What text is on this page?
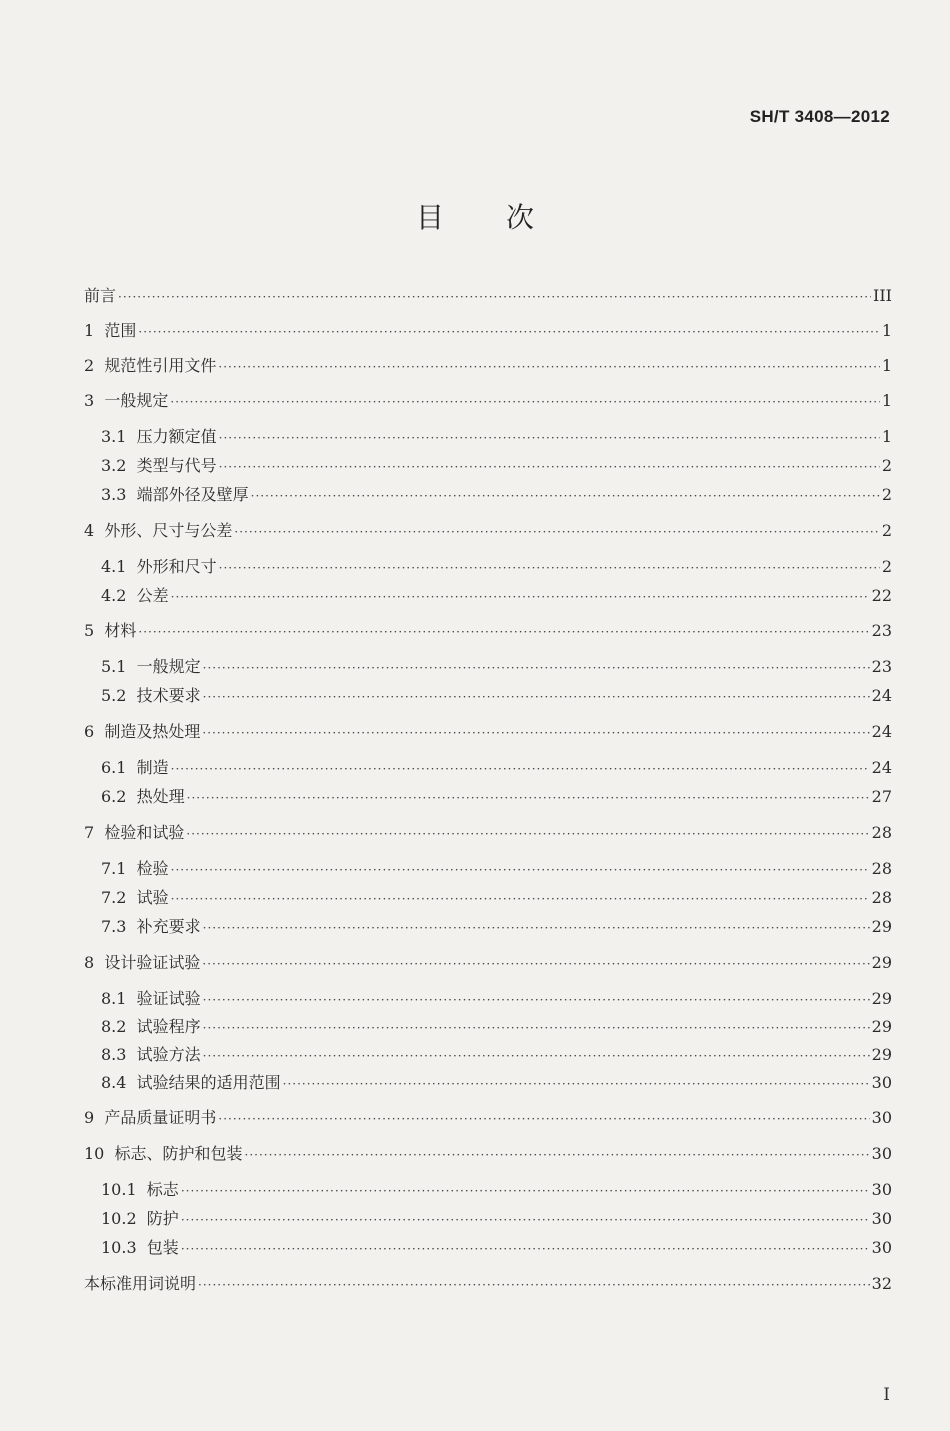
SH/T 3408—2012
目次
前言 ·····	III
1 范围 ·····	1
2 规范性引用文件 ·····	1
3 一般规定 ·····	1
3.1 压力额定值 ·····	1
3.2 类型与代号 ·····	2
3.3 端部外径及壁厚 ·····	2
4 外形、尺寸与公差 ·····	2
4.1 外形和尺寸 ·····	2
4.2 公差 ·····	22
5 材料 ·····	23
5.1 一般规定 ·····	23
5.2 技术要求 ·····	24
6 制造及热处理 ·····	24
6.1 制造 ·····	24
6.2 热处理 ·····	27
7 检验和试验 ·····	28
7.1 检验 ·····	28
7.2 试验 ·····	28
7.3 补充要求 ·····	29
8 设计验证试验 ·····	29
8.1 验证试验 ·····	29
8.2 试验程序 ·····	29
8.3 试验方法 ·····	29
8.4 试验结果的适用范围 ·····	30
9 产品质量证明书 ·····	30
10 标志、防护和包装 ·····	30
10.1 标志 ·····	30
10.2 防护 ·····	30
10.3 包装 ·····	30
本标准用词说明 ·····	32
I
